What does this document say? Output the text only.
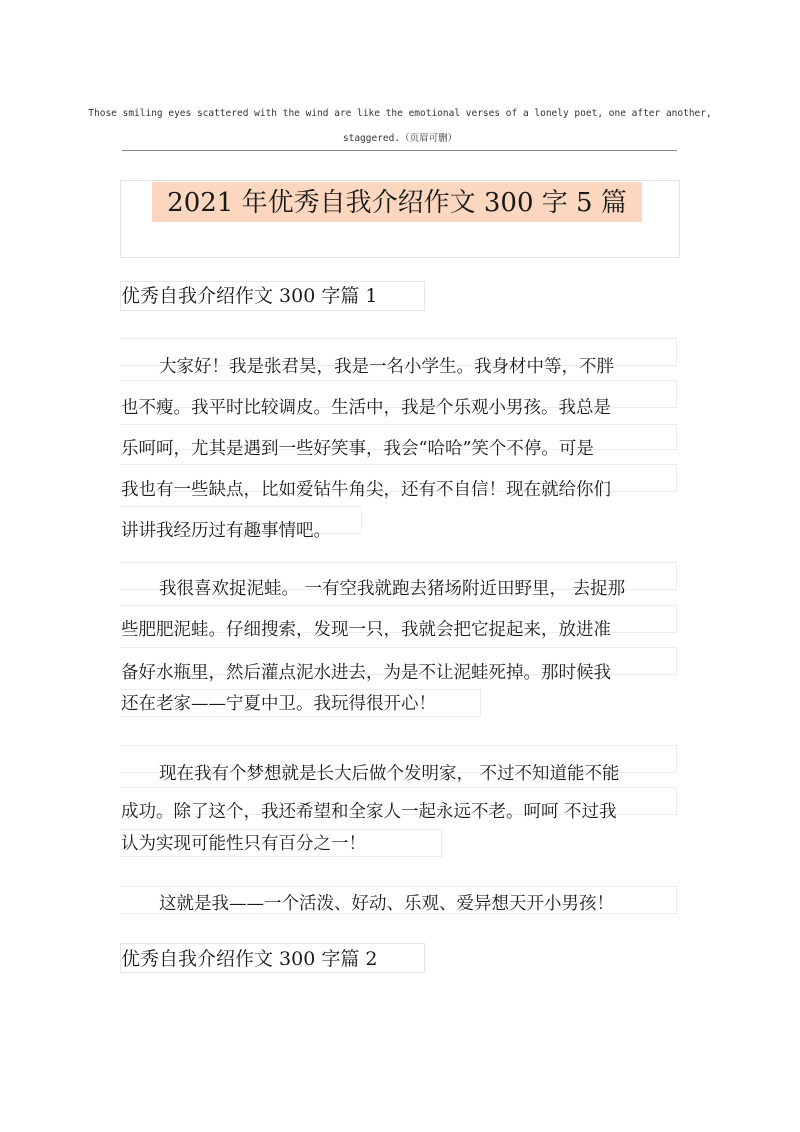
Those smiling eyes scattered with the wind are like the emotional verses of a lonely poet, one after another,
staggered.（页眉可删）
2021 年优秀自我介绍作文 300 字 5 篇
优秀自我介绍作文 300 字篇 1
大家好！我是张君昊，我是一名小学生。我身材中等，不胖
也不瘦。我平时比较调皮。生活中，我是个乐观小男孩。我总是
乐呵呵，尤其是遇到一些好笑事，我会“哈哈”笑个不停。可是
我也有一些缺点，比如爱钻牛角尖，还有不自信！现在就给你们
讲讲我经历过有趣事情吧。
我很喜欢捉泥蛙。 一有空我就跑去猪场附近田野里， 去捉那
些肥肥泥蛙。仔细搜索，发现一只，我就会把它捉起来，放进准
备好水瓶里，然后灌点泥水进去，为是不让泥蛙死掉。那时候我
还在老家——宁夏中卫。我玩得很开心！
现在我有个梦想就是长大后做个发明家， 不过不知道能不能
成功。除了这个，我还希望和全家人一起永远不老。呵呵 不过我
认为实现可能性只有百分之一！
这就是我——一个活泼、好动、乐观、爱异想天开小男孩！
优秀自我介绍作文 300 字篇 2
